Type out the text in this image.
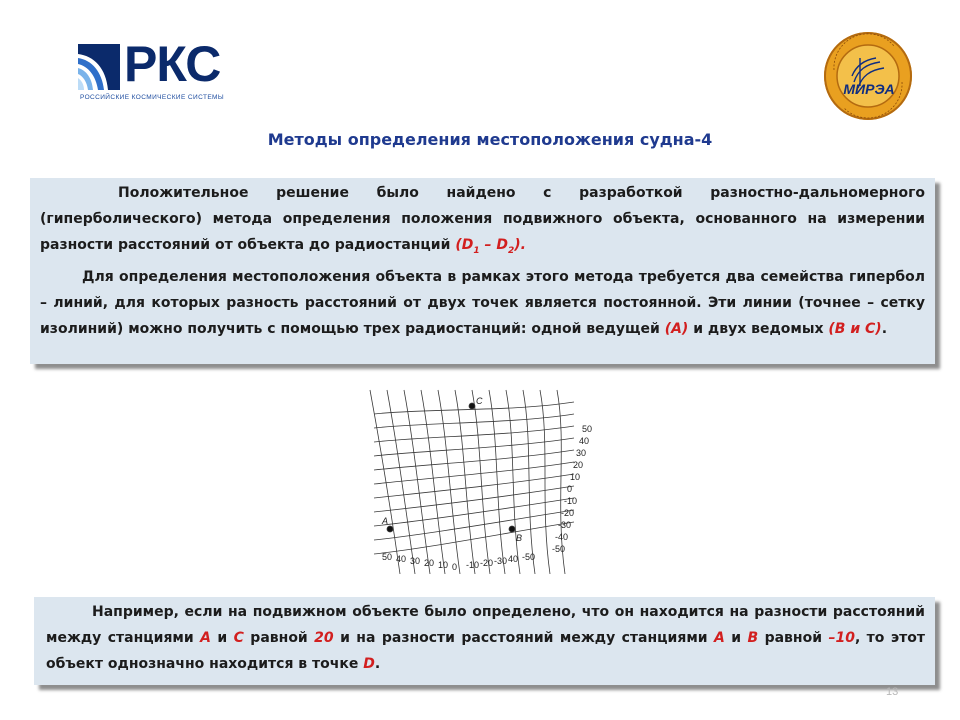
РКС
РОССИЙСКИЕ КОСМИЧЕСКИЕ СИСТЕМЫ
МИРЭА
Методы определения местоположения судна-4

Положительное решение было найдено с разработкой разностно-дальномерного (гиперболического) метода определения положения подвижного объекта, основанного на измерении разности расстояний от объекта до радиостанций $(D_1 - D_2)$.

Для определения местоположения объекта в рамках этого метода требуется два семейства гипербол – линий, для которых разность расстояний от двух точек является постоянной. Эти линии (точнее – сетку изолиний) можно получить с помощью трех радиостанций: одной ведущей (A) и двух ведомых (B и C).

C
A
B
50
40
30
20
10
0
-10
-20
-30
-40
-50
50 40 30 20 10 0 -10 -20 -30 40 -50

Например, если на подвижном объекте было определено, что он находится на разности расстояний между станциями А и С равной 20 и на разности расстояний между станциями А и В равной –10, то этот объект однозначно находится в точке D.

13
